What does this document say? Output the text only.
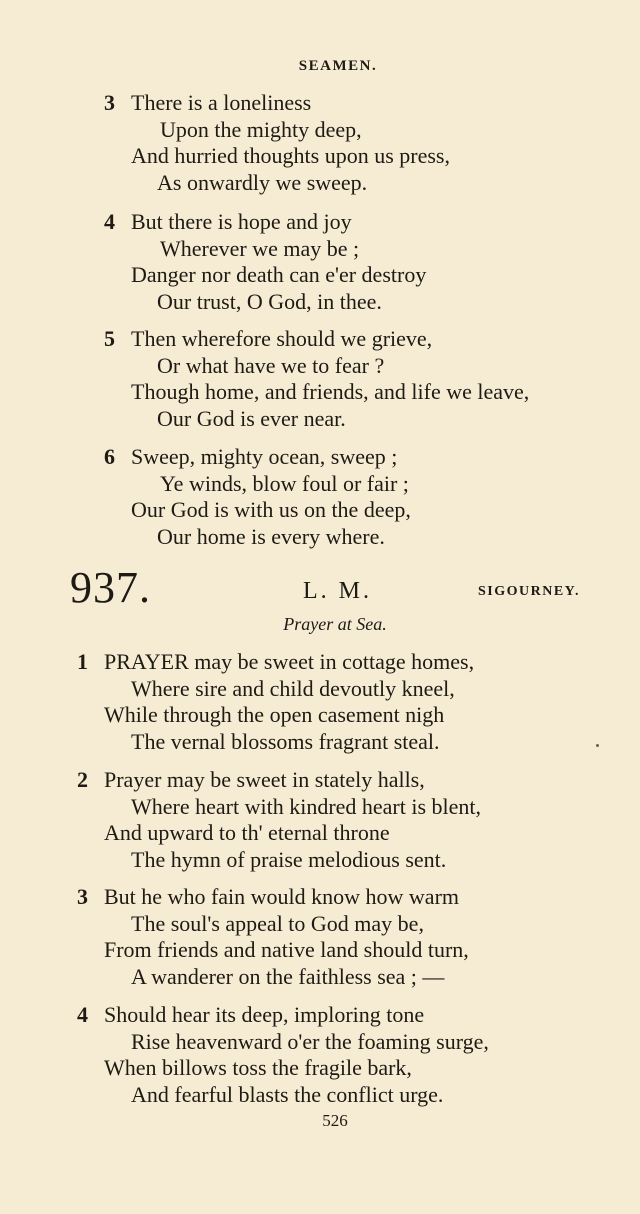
SEAMEN.
3 There is a loneliness
Upon the mighty deep,
And hurried thoughts upon us press,
As onwardly we sweep.
4 But there is hope and joy
Wherever we may be ;
Danger nor death can e'er destroy
Our trust, O God, in thee.
5 Then wherefore should we grieve,
Or what have we to fear ?
Though home, and friends, and life we leave,
Our God is ever near.
6 Sweep, mighty ocean, sweep ;
Ye winds, blow foul or fair ;
Our God is with us on the deep,
Our home is every where.
937.	L. M.	SIGOURNEY.
Prayer at Sea.
1 PRAYER may be sweet in cottage homes,
Where sire and child devoutly kneel,
While through the open casement nigh
The vernal blossoms fragrant steal.
2 Prayer may be sweet in stately halls,
Where heart with kindred heart is blent,
And upward to th' eternal throne
The hymn of praise melodious sent.
3 But he who fain would know how warm
The soul's appeal to God may be,
From friends and native land should turn,
A wanderer on the faithless sea ; —
4 Should hear its deep, imploring tone
Rise heavenward o'er the foaming surge,
When billows toss the fragile bark,
And fearful blasts the conflict urge.
526
